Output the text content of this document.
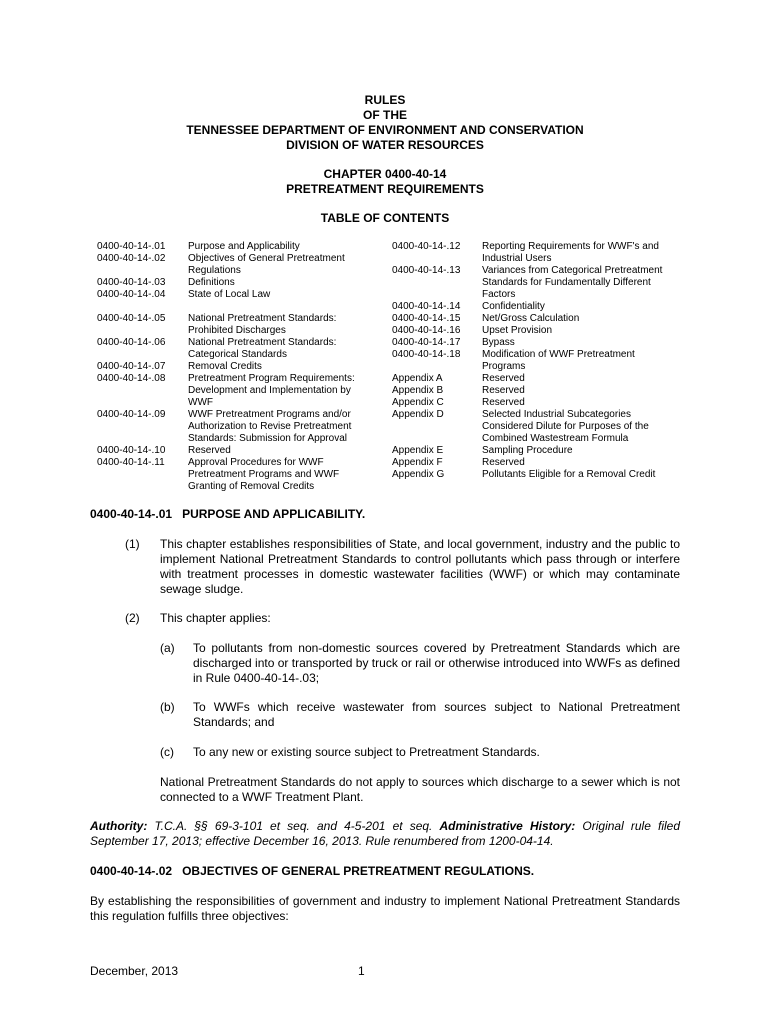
RULES
OF THE
TENNESSEE DEPARTMENT OF ENVIRONMENT AND CONSERVATION
DIVISION OF WATER RESOURCES
CHAPTER 0400-40-14
PRETREATMENT REQUIREMENTS
TABLE OF CONTENTS
0400-40-14-.01 Purpose and Applicability
0400-40-14-.02 Objectives of General Pretreatment
Regulations
0400-40-14-.03 Definitions
0400-40-14-.04 State of Local Law
0400-40-14-.05 National Pretreatment Standards:
Prohibited Discharges
0400-40-14-.06 National Pretreatment Standards:
Categorical Standards
0400-40-14-.07 Removal Credits
0400-40-14-.08 Pretreatment Program Requirements:
Development and Implementation by
WWF
0400-40-14-.09 WWF Pretreatment Programs and/or
Authorization to Revise Pretreatment
Standards: Submission for Approval
0400-40-14-.10 Reserved
0400-40-14-.11 Approval Procedures for WWF
Pretreatment Programs and WWF
Granting of Removal Credits
0400-40-14-.12 Reporting Requirements for WWF's and
Industrial Users
0400-40-14-.13 Variances from Categorical Pretreatment
Standards for Fundamentally Different
Factors
0400-40-14-.14 Confidentiality
0400-40-14-.15 Net/Gross Calculation
0400-40-14-.16 Upset Provision
0400-40-14-.17 Bypass
0400-40-14-.18 Modification of WWF Pretreatment
Programs
Appendix A	Reserved
Appendix B	Reserved
Appendix C	Reserved
Appendix D	Selected Industrial Subcategories
Considered Dilute for Purposes of the
Combined Wastestream Formula
Appendix E	Sampling Procedure
Appendix F	Reserved
Appendix G	Pollutants Eligible for a Removal Credit
0400-40-14-.01   PURPOSE AND APPLICABILITY.
(1) This chapter establishes responsibilities of State, and local government, industry and the public to implement National Pretreatment Standards to control pollutants which pass through or interfere with treatment processes in domestic wastewater facilities (WWF) or which may contaminate sewage sludge.
(2) This chapter applies:
(a) To pollutants from non-domestic sources covered by Pretreatment Standards which are discharged into or transported by truck or rail or otherwise introduced into WWFs as defined in Rule 0400-40-14-.03;
(b) To WWFs which receive wastewater from sources subject to National Pretreatment Standards; and
(c) To any new or existing source subject to Pretreatment Standards.
National Pretreatment Standards do not apply to sources which discharge to a sewer which is not connected to a WWF Treatment Plant.
Authority: T.C.A. §§ 69-3-101 et seq. and 4-5-201 et seq. Administrative History: Original rule filed September 17, 2013; effective December 16, 2013. Rule renumbered from 1200-04-14.
0400-40-14-.02   OBJECTIVES OF GENERAL PRETREATMENT REGULATIONS.
By establishing the responsibilities of government and industry to implement National Pretreatment Standards this regulation fulfills three objectives:
December, 2013	1
